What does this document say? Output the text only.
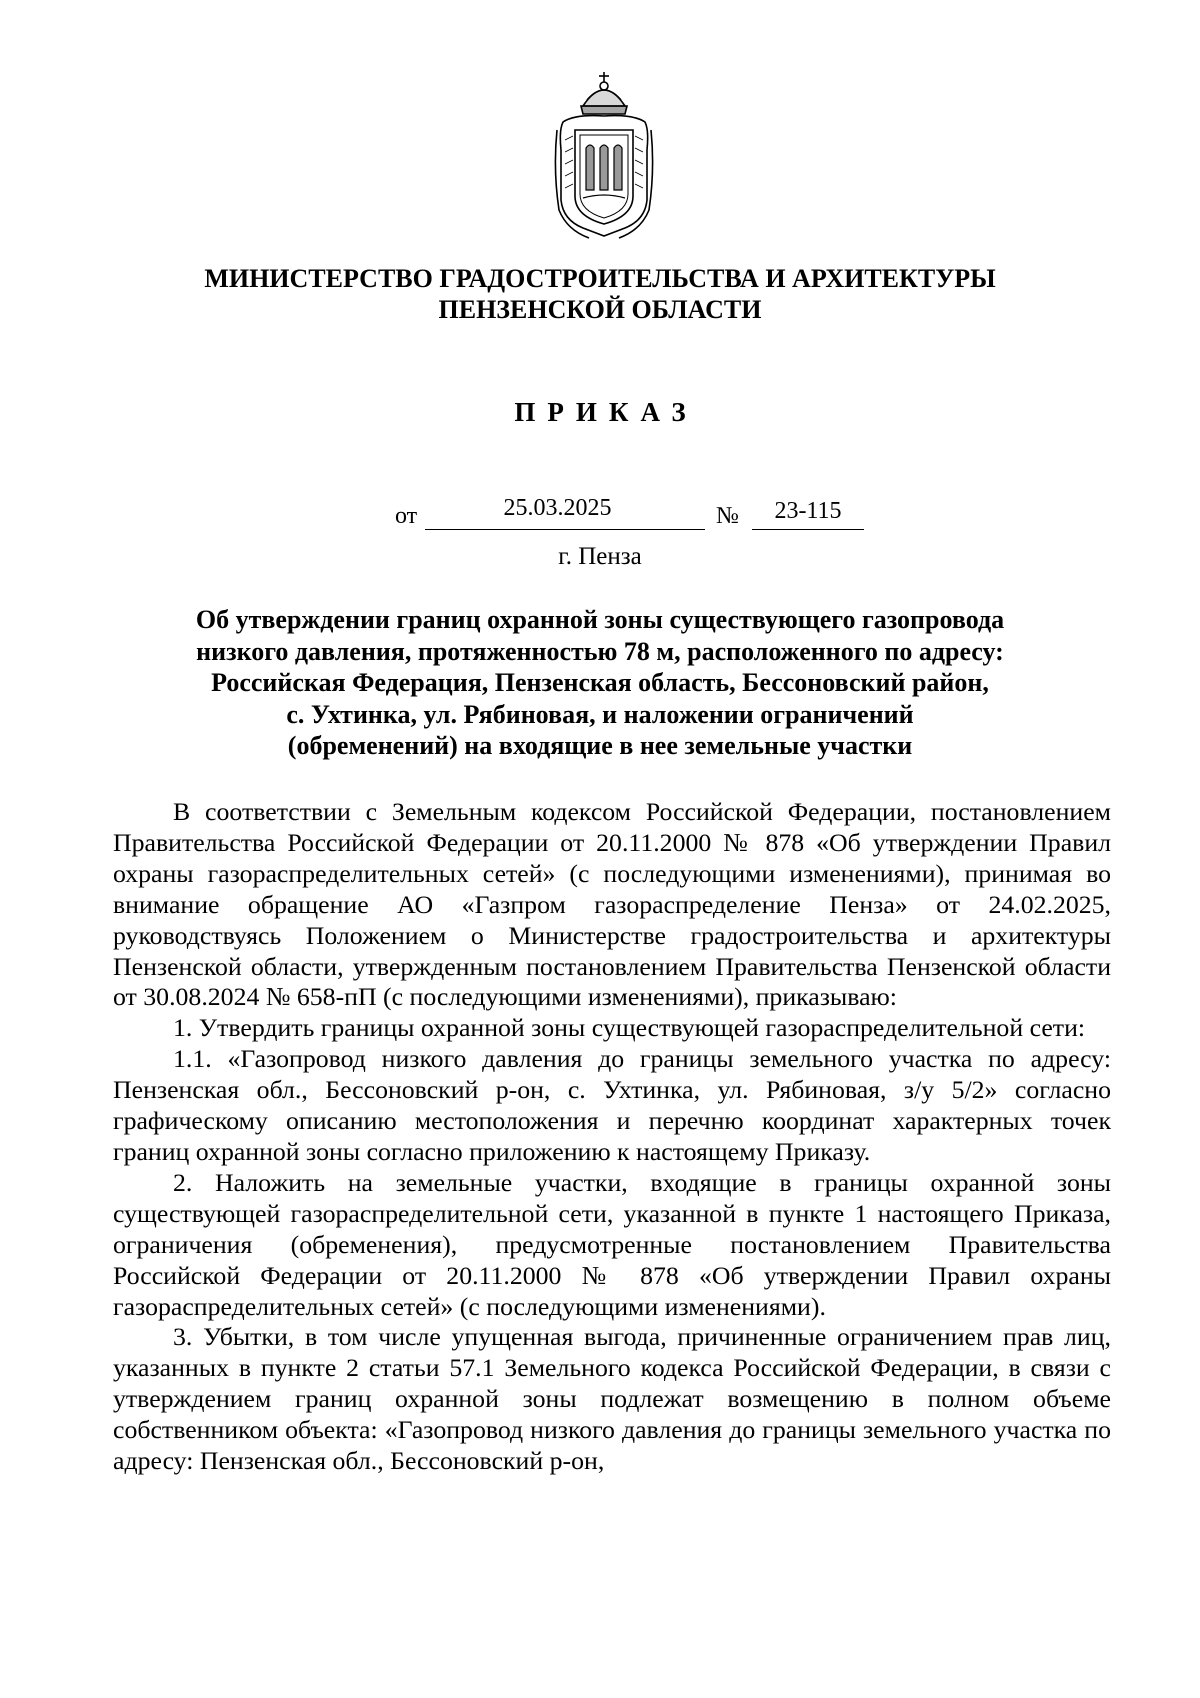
МИНИСТЕРСТВО ГРАДОСТРОИТЕЛЬСТВА И АРХИТЕКТУРЫ
ПЕНЗЕНСКОЙ ОБЛАСТИ
ПРИКАЗ
от	25.03.2025	№	23-115
г. Пенза
Об утверждении границ охранной зоны существующего газопровода
низкого давления, протяженностью 78 м, расположенного по адресу:
Российская Федерация, Пензенская область, Бессоновский район,
с. Ухтинка, ул. Рябиновая, и наложении ограничений
(обременений) на входящие в нее земельные участки

В соответствии с Земельным кодексом Российской Федерации, постановлением Правительства Российской Федерации от 20.11.2000 № 878 «Об утверждении Правил охраны газораспределительных сетей» (с последующими изменениями), принимая во внимание обращение АО «Газпром газораспределение Пенза» от 24.02.2025, руководствуясь Положением о Министерстве градостроительства и архитектуры Пензенской области, утвержденным постановлением Правительства Пензенской области от 30.08.2024 № 658-пП (с последующими изменениями), приказываю:

1. Утвердить границы охранной зоны существующей газораспределительной сети:

1.1. «Газопровод низкого давления до границы земельного участка по адресу: Пензенская обл., Бессоновский р-он, с. Ухтинка, ул. Рябиновая, з/у 5/2» согласно графическому описанию местоположения и перечню координат характерных точек границ охранной зоны согласно приложению к настоящему Приказу.

2. Наложить на земельные участки, входящие в границы охранной зоны существующей газораспределительной сети, указанной в пункте 1 настоящего Приказа, ограничения (обременения), предусмотренные постановлением Правительства Российской Федерации от 20.11.2000 № 878 «Об утверждении Правил охраны газораспределительных сетей» (с последующими изменениями).

3. Убытки, в том числе упущенная выгода, причиненные ограничением прав лиц, указанных в пункте 2 статьи 57.1 Земельного кодекса Российской Федерации, в связи с утверждением границ охранной зоны подлежат возмещению в полном объеме собственником объекта: «Газопровод низкого давления до границы земельного участка по адресу: Пензенская обл., Бессоновский р-он,
